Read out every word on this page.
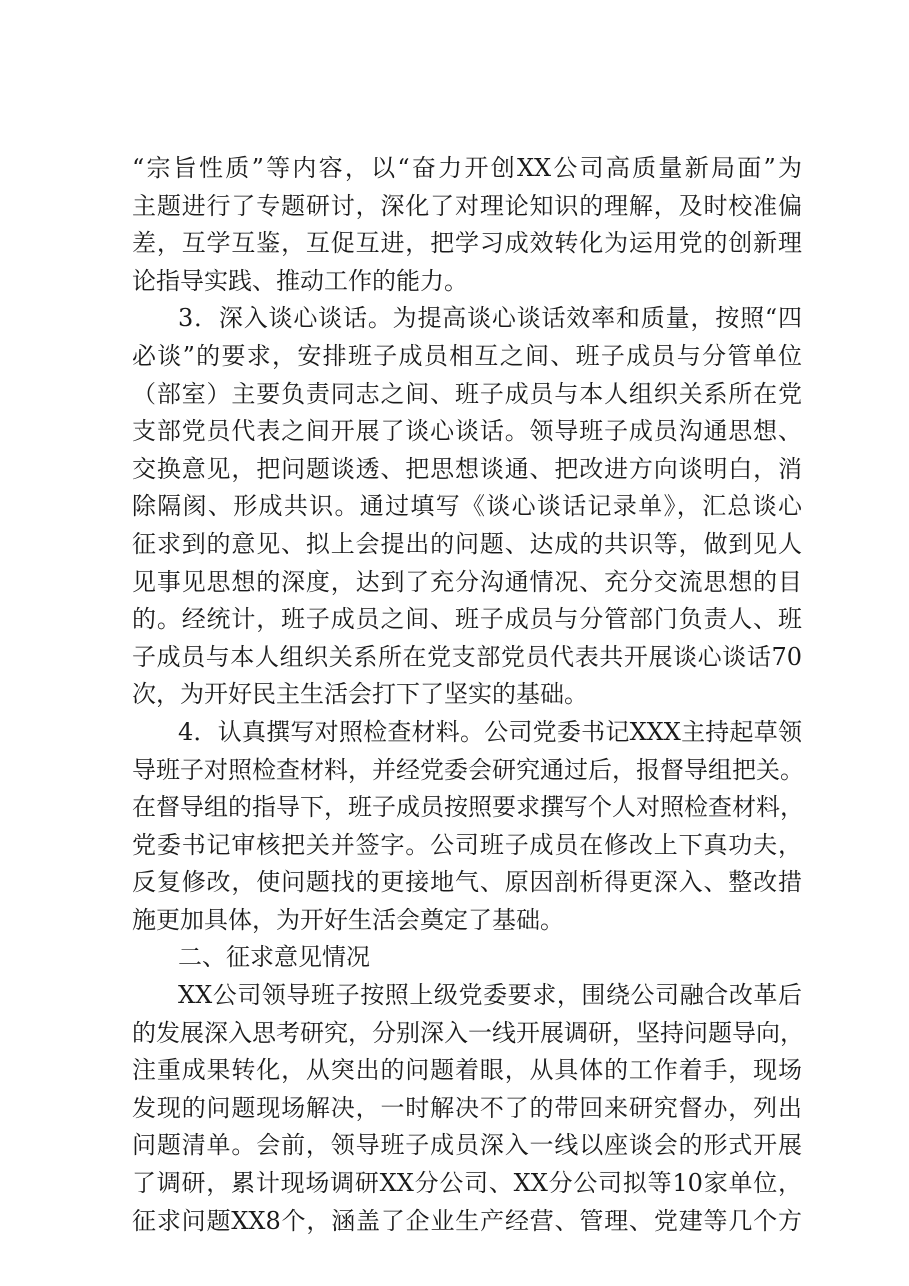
“宗旨性质”等内容，以“奋力开创XX公司高质量新局面”为
主题进行了专题研讨，深化了对理论知识的理解，及时校准偏
差，互学互鉴，互促互进，把学习成效转化为运用党的创新理
论指导实践、推动工作的能力。
3．深入谈心谈话。为提高谈心谈话效率和质量，按照“四
必谈”的要求，安排班子成员相互之间、班子成员与分管单位
（部室）主要负责同志之间、班子成员与本人组织关系所在党
支部党员代表之间开展了谈心谈话。领导班子成员沟通思想、
交换意见，把问题谈透、把思想谈通、把改进方向谈明白，消
除隔阂、形成共识。通过填写《谈心谈话记录单》，汇总谈心
征求到的意见、拟上会提出的问题、达成的共识等，做到见人
见事见思想的深度，达到了充分沟通情况、充分交流思想的目
的。经统计，班子成员之间、班子成员与分管部门负责人、班
子成员与本人组织关系所在党支部党员代表共开展谈心谈话70
次，为开好民主生活会打下了坚实的基础。
4．认真撰写对照检查材料。公司党委书记XXX主持起草领
导班子对照检查材料，并经党委会研究通过后，报督导组把关。
在督导组的指导下，班子成员按照要求撰写个人对照检查材料，
党委书记审核把关并签字。公司班子成员在修改上下真功夫，
反复修改，使问题找的更接地气、原因剖析得更深入、整改措
施更加具体，为开好生活会奠定了基础。
二、征求意见情况
XX公司领导班子按照上级党委要求，围绕公司融合改革后
的发展深入思考研究，分别深入一线开展调研，坚持问题导向，
注重成果转化，从突出的问题着眼，从具体的工作着手，现场
发现的问题现场解决，一时解决不了的带回来研究督办，列出
问题清单。会前，领导班子成员深入一线以座谈会的形式开展
了调研，累计现场调研XX分公司、XX分公司拟等10家单位，
征求问题XX8个，涵盖了企业生产经营、管理、党建等几个方
